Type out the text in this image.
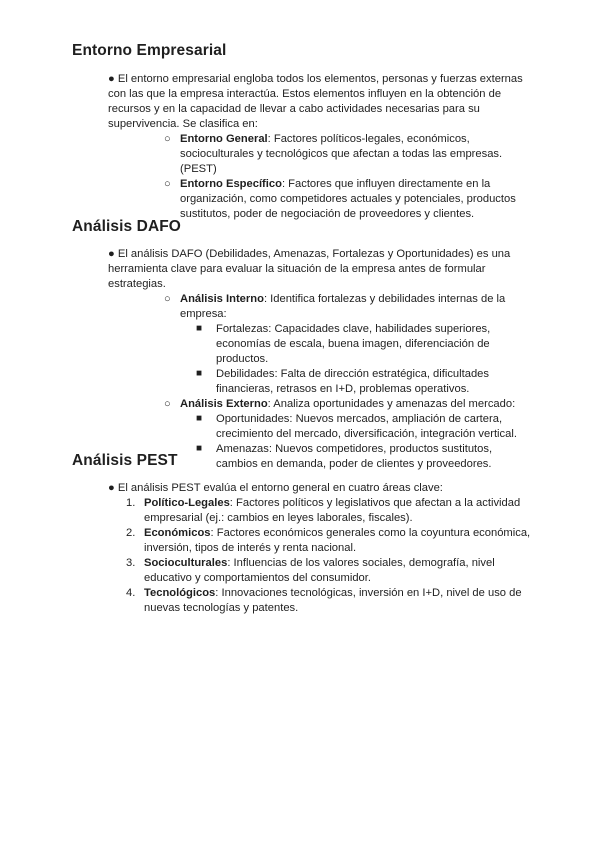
Entorno Empresarial
● El entorno empresarial engloba todos los elementos, personas y fuerzas externas con las que la empresa interactúa. Estos elementos influyen en la obtención de recursos y en la capacidad de llevar a cabo actividades necesarias para su supervivencia. Se clasifica en:
○ Entorno General: Factores políticos-legales, económicos, socioculturales y tecnológicos que afectan a todas las empresas. (PEST)
○ Entorno Específico: Factores que influyen directamente en la organización, como competidores actuales y potenciales, productos sustitutos, poder de negociación de proveedores y clientes.
Análisis DAFO
● El análisis DAFO (Debilidades, Amenazas, Fortalezas y Oportunidades) es una herramienta clave para evaluar la situación de la empresa antes de formular estrategias.
○ Análisis Interno: Identifica fortalezas y debilidades internas de la empresa:
■ Fortalezas: Capacidades clave, habilidades superiores, economías de escala, buena imagen, diferenciación de productos.
■ Debilidades: Falta de dirección estratégica, dificultades financieras, retrasos en I+D, problemas operativos.
○ Análisis Externo: Analiza oportunidades y amenazas del mercado:
■ Oportunidades: Nuevos mercados, ampliación de cartera, crecimiento del mercado, diversificación, integración vertical.
■ Amenazas: Nuevos competidores, productos sustitutos, cambios en demanda, poder de clientes y proveedores.
Análisis PEST
● El análisis PEST evalúa el entorno general en cuatro áreas clave:
1. Político-Legales: Factores políticos y legislativos que afectan a la actividad empresarial (ej.: cambios en leyes laborales, fiscales).
2. Económicos: Factores económicos generales como la coyuntura económica, inversión, tipos de interés y renta nacional.
3. Socioculturales: Influencias de los valores sociales, demografía, nivel educativo y comportamientos del consumidor.
4. Tecnológicos: Innovaciones tecnológicas, inversión en I+D, nivel de uso de nuevas tecnologías y patentes.
